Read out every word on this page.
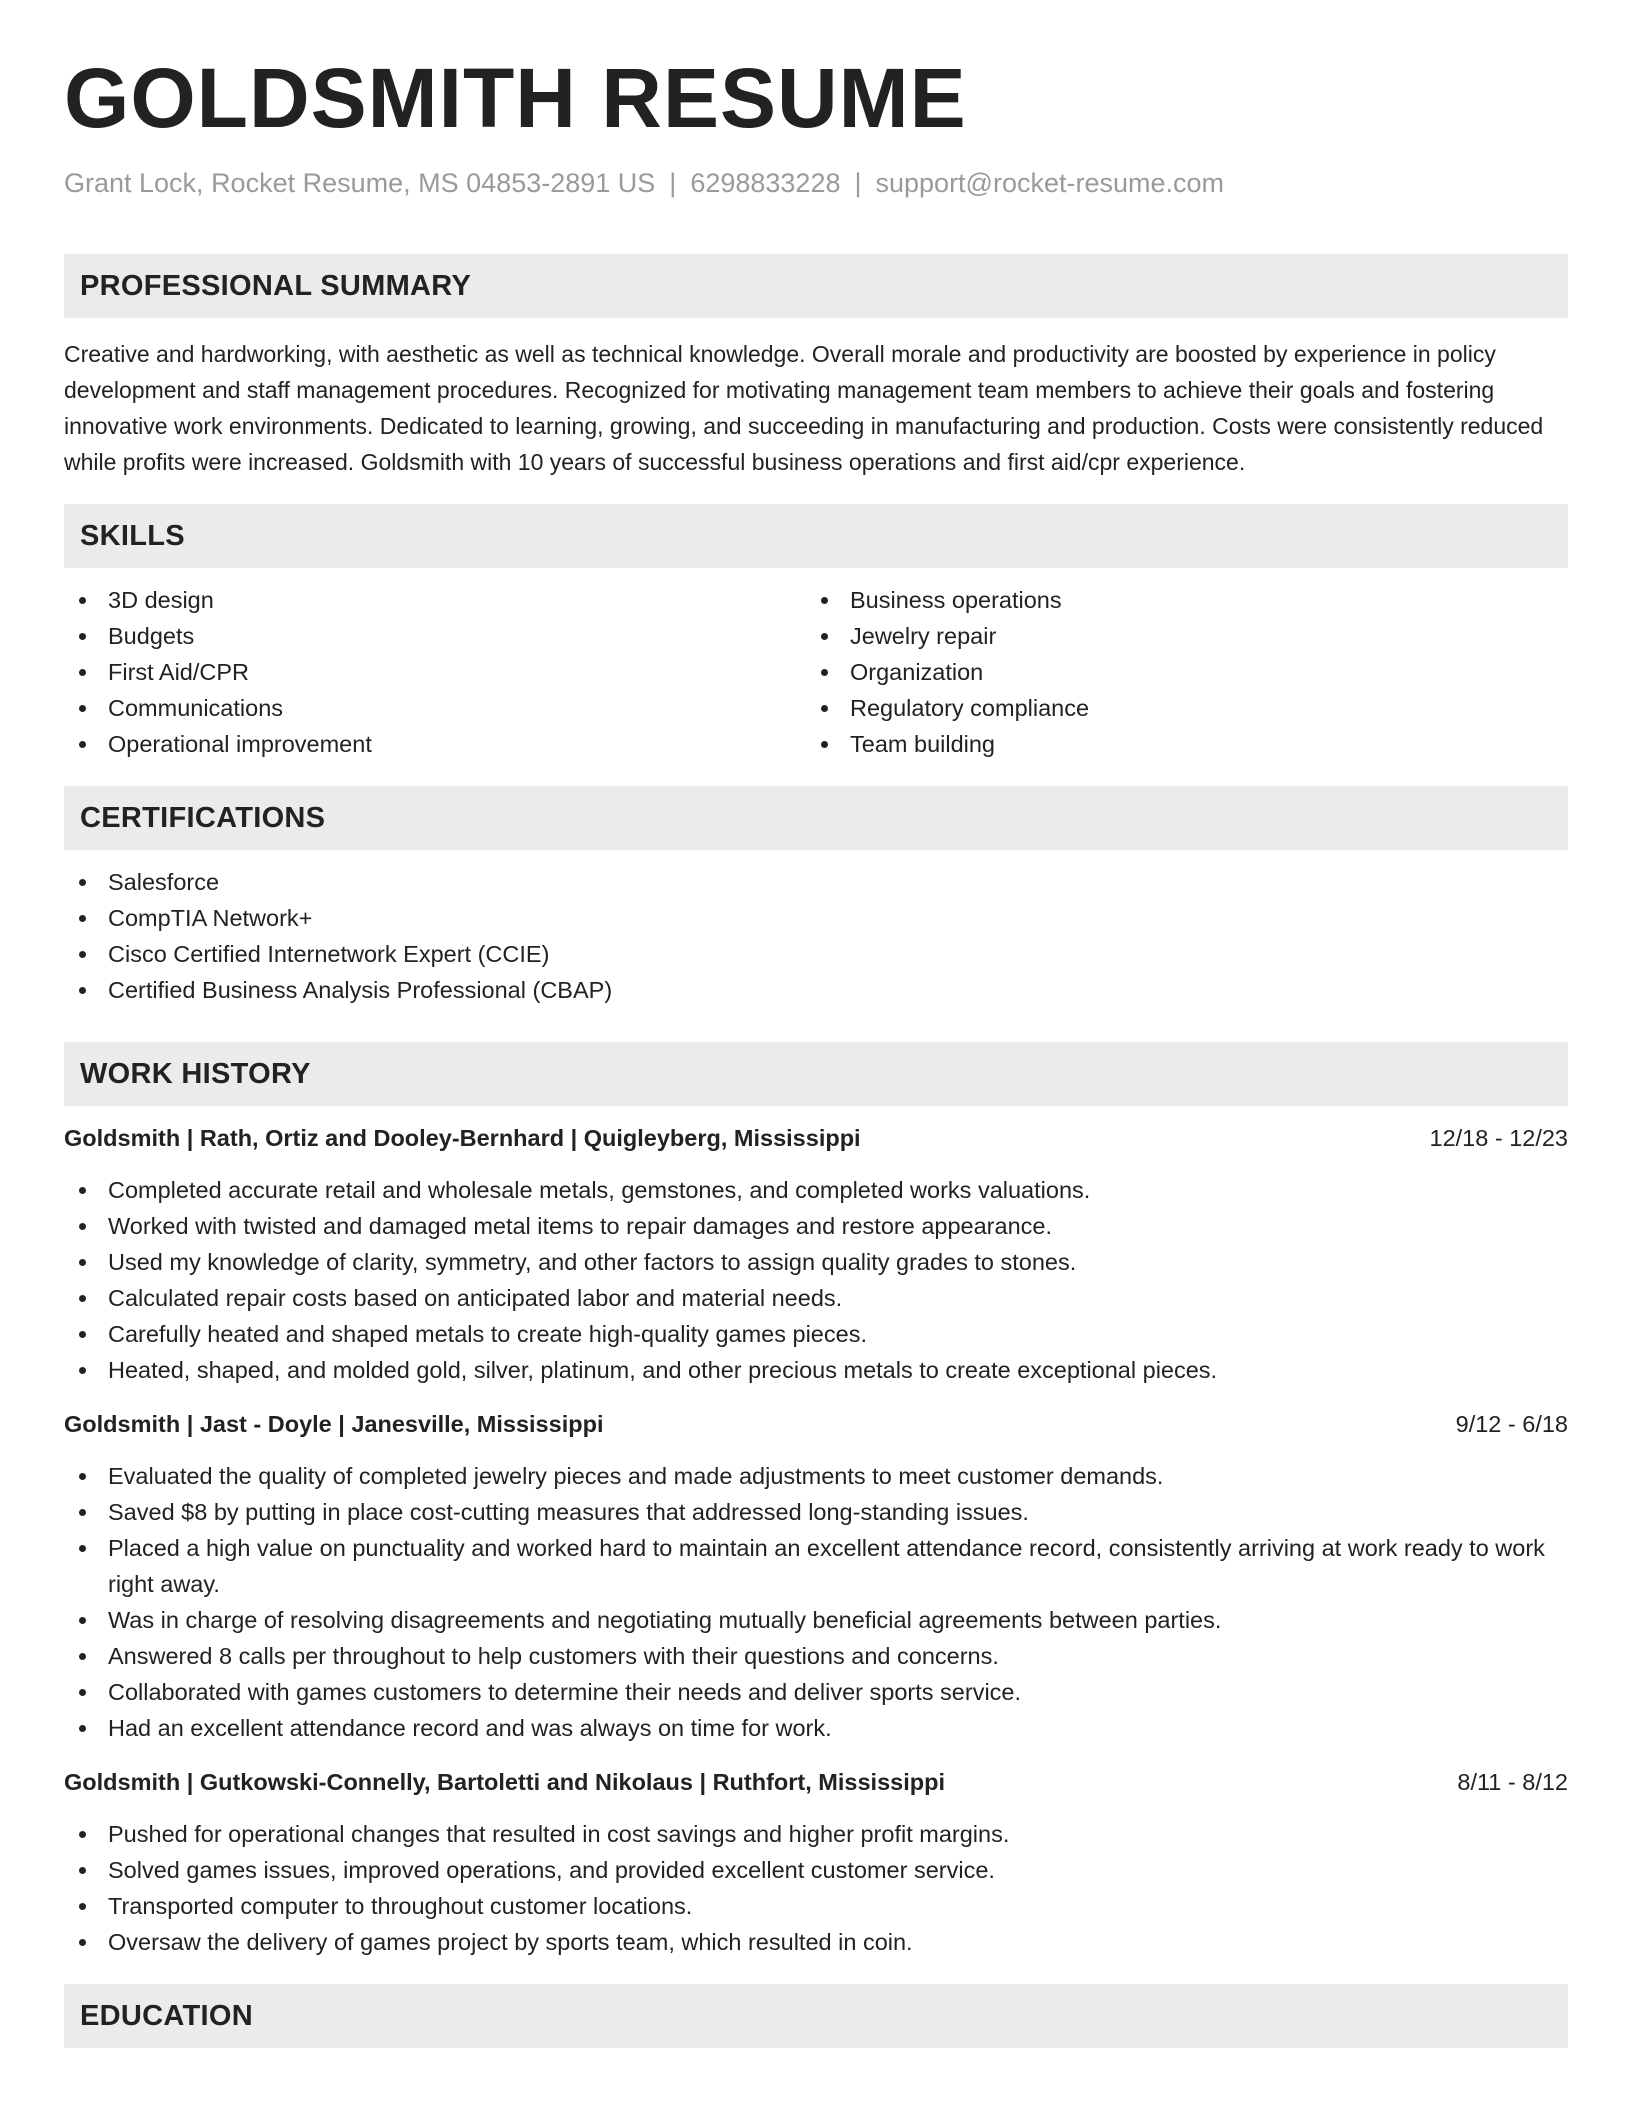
GOLDSMITH RESUME
Grant Lock, Rocket Resume, MS 04853-2891 US | 6298833228 | support@rocket-resume.com
PROFESSIONAL SUMMARY

Creative and hardworking, with aesthetic as well as technical knowledge. Overall morale and productivity are boosted by experience in policy development and staff management procedures. Recognized for motivating management team members to achieve their goals and fostering innovative work environments. Dedicated to learning, growing, and succeeding in manufacturing and production. Costs were consistently reduced while profits were increased. Goldsmith with 10 years of successful business operations and first aid/cpr experience.

SKILLS
3D design
Budgets
First Aid/CPR
Communications
Operational improvement
Business operations
Jewelry repair
Organization
Regulatory compliance
Team building
CERTIFICATIONS
Salesforce
CompTIA Network+
Cisco Certified Internetwork Expert (CCIE)
Certified Business Analysis Professional (CBAP)
WORK HISTORY
Goldsmith | Rath, Ortiz and Dooley-Bernhard | Quigleyberg, Mississippi	12/18 - 12/23
Completed accurate retail and wholesale metals, gemstones, and completed works valuations.
Worked with twisted and damaged metal items to repair damages and restore appearance.
Used my knowledge of clarity, symmetry, and other factors to assign quality grades to stones.
Calculated repair costs based on anticipated labor and material needs.
Carefully heated and shaped metals to create high-quality games pieces.
Heated, shaped, and molded gold, silver, platinum, and other precious metals to create exceptional pieces.
Goldsmith | Jast - Doyle | Janesville, Mississippi	9/12 - 6/18
Evaluated the quality of completed jewelry pieces and made adjustments to meet customer demands.
Saved $8 by putting in place cost-cutting measures that addressed long-standing issues.
Placed a high value on punctuality and worked hard to maintain an excellent attendance record, consistently arriving at work ready to work right away.
Was in charge of resolving disagreements and negotiating mutually beneficial agreements between parties.
Answered 8 calls per throughout to help customers with their questions and concerns.
Collaborated with games customers to determine their needs and deliver sports service.
Had an excellent attendance record and was always on time for work.
Goldsmith | Gutkowski-Connelly, Bartoletti and Nikolaus | Ruthfort, Mississippi	8/11 - 8/12
Pushed for operational changes that resulted in cost savings and higher profit margins.
Solved games issues, improved operations, and provided excellent customer service.
Transported computer to throughout customer locations.
Oversaw the delivery of games project by sports team, which resulted in coin.
EDUCATION
